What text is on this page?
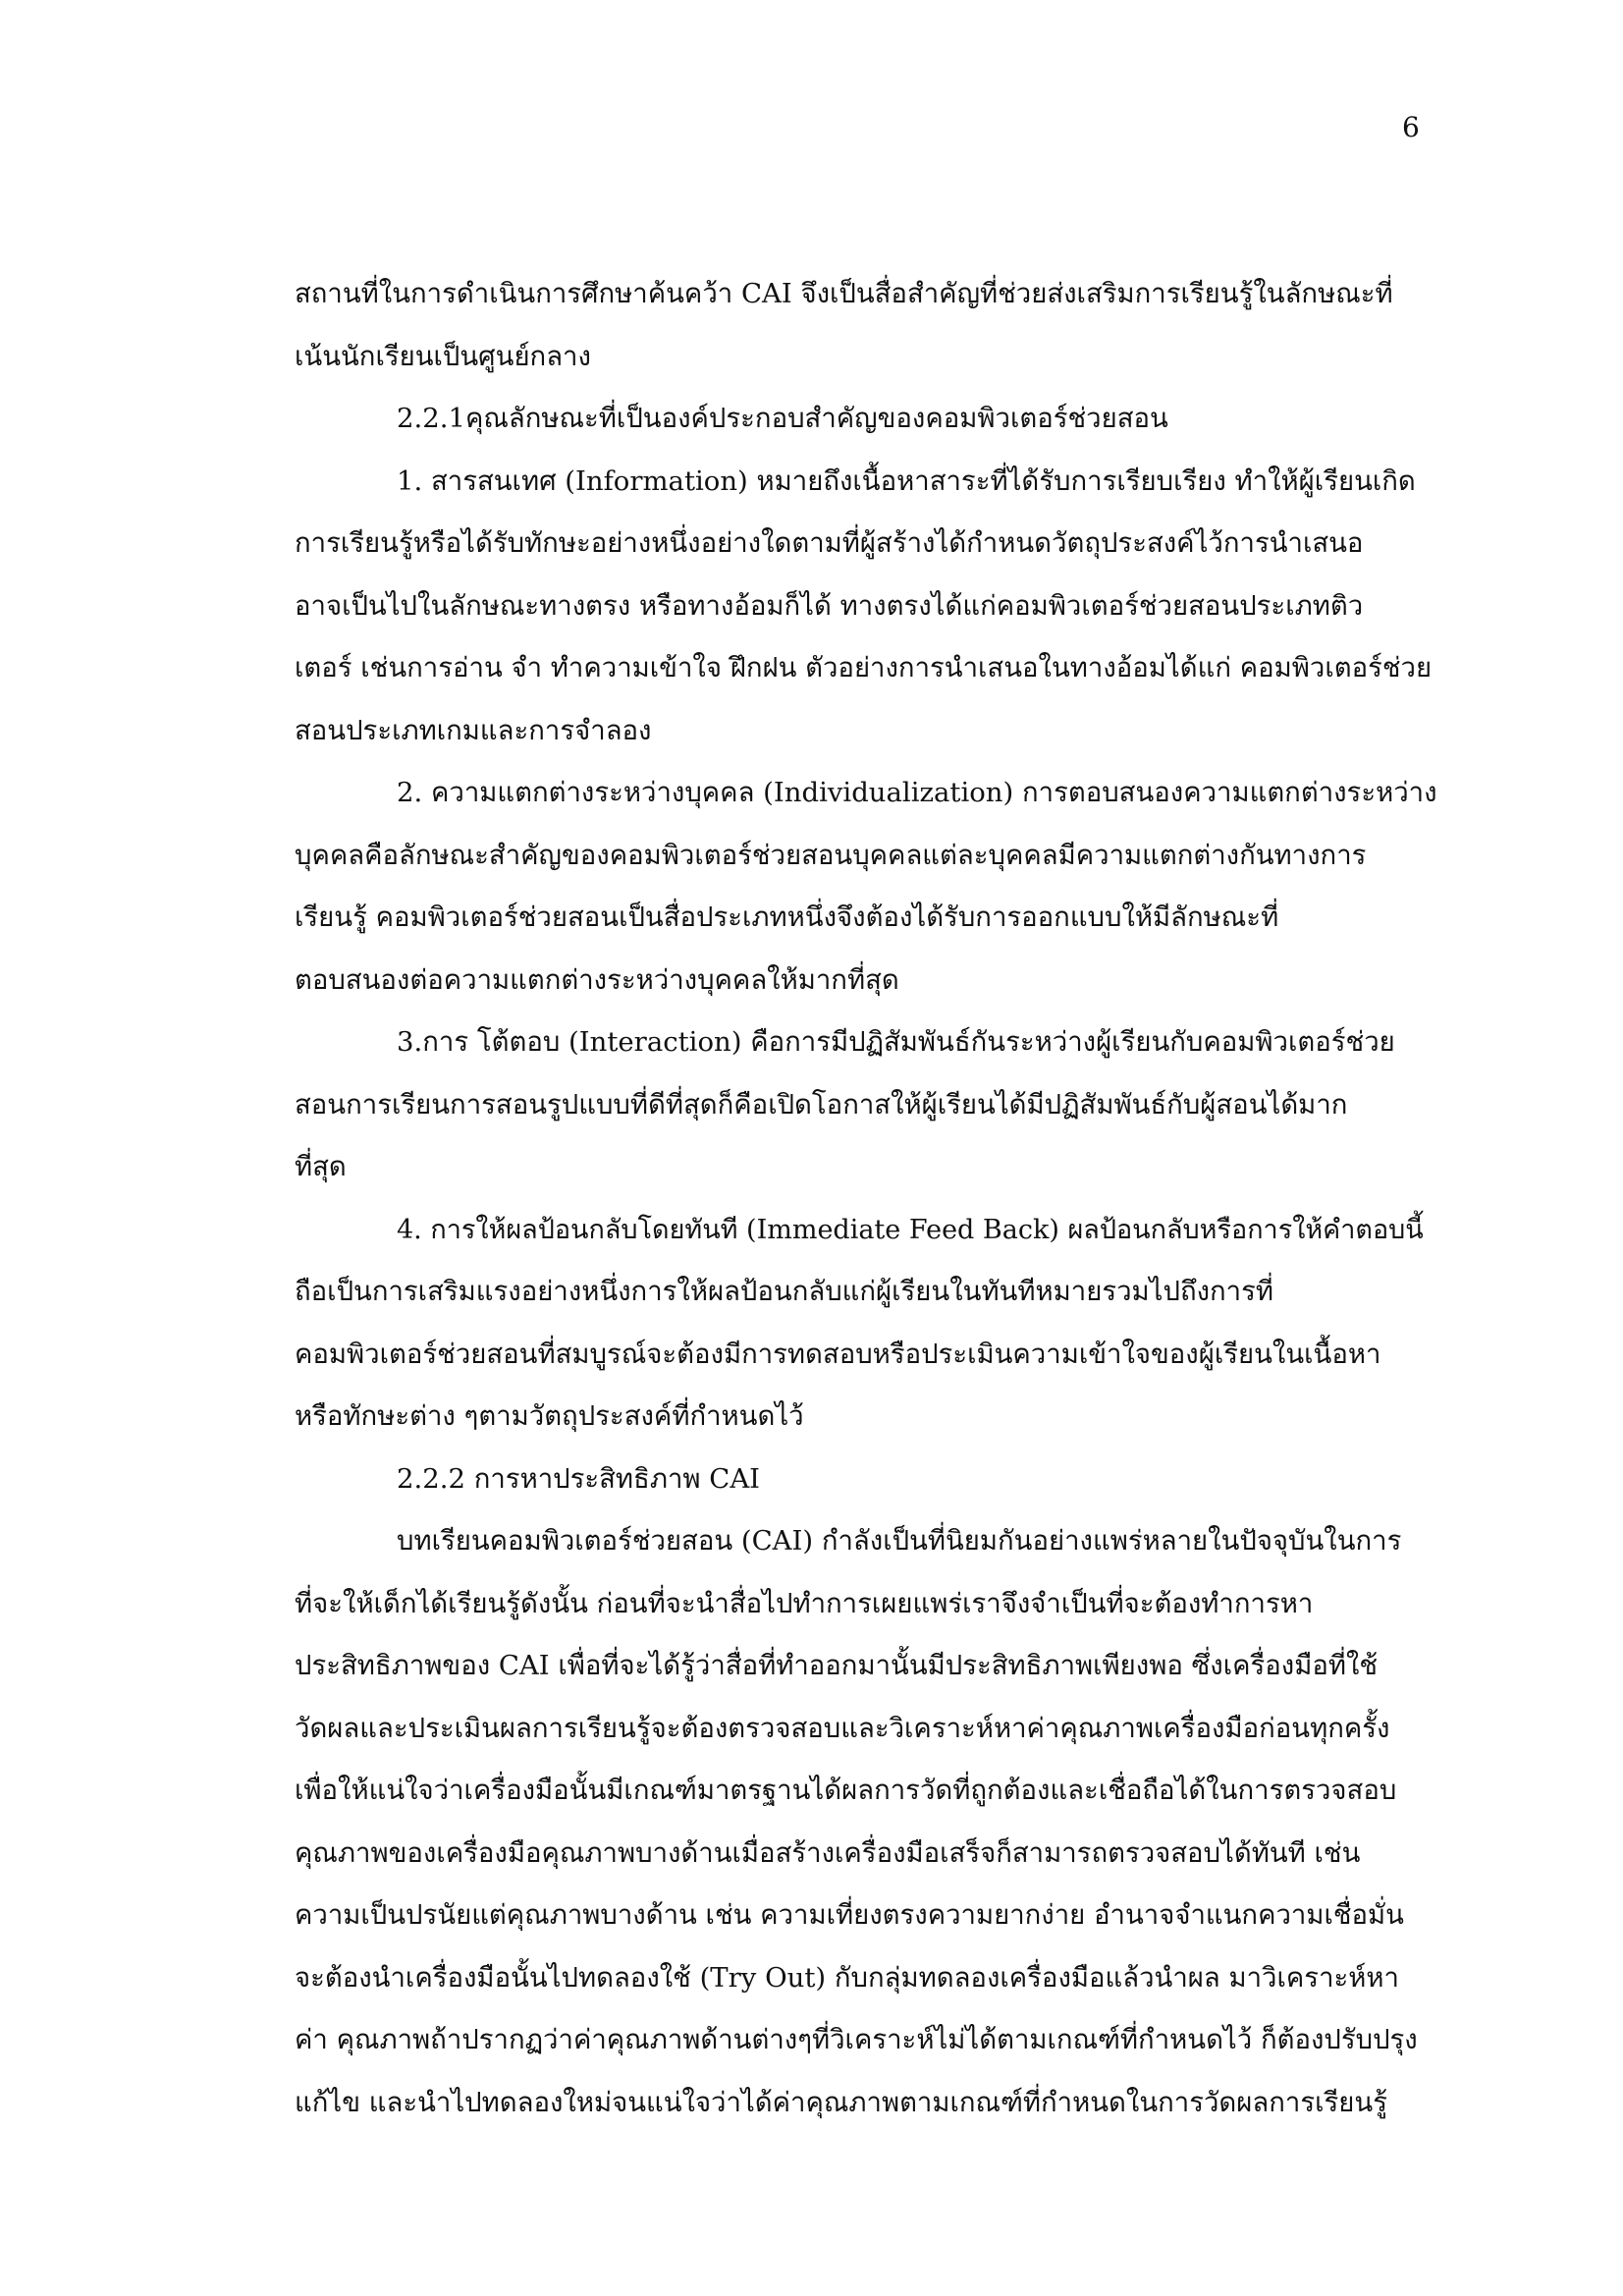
6
สถานที่ในการดำเนินการศึกษาค้นคว้า CAI จึงเป็นสื่อสำคัญที่ช่วยส่งเสริมการเรียนรู้ในลักษณะที่
เน้นนักเรียนเป็นศูนย์กลาง
2.2.1คุณลักษณะที่เป็นองค์ประกอบสำคัญของคอมพิวเตอร์ช่วยสอน
1. สารสนเทศ (Information) หมายถึงเนื้อหาสาระที่ได้รับการเรียบเรียง ทำให้ผู้เรียนเกิด
การเรียนรู้หรือได้รับทักษะอย่างหนึ่งอย่างใดตามที่ผู้สร้างได้กำหนดวัตถุประสงค์ไว้การนำเสนอ
อาจเป็นไปในลักษณะทางตรง หรือทางอ้อมก็ได้ ทางตรงได้แก่คอมพิวเตอร์ช่วยสอนประเภทติว
เตอร์ เช่นการอ่าน จำ ทำความเข้าใจ ฝึกฝน ตัวอย่างการนำเสนอในทางอ้อมได้แก่ คอมพิวเตอร์ช่วย
สอนประเภทเกมและการจำลอง
2. ความแตกต่างระหว่างบุคคล (Individualization) การตอบสนองความแตกต่างระหว่าง
บุคคลคือลักษณะสำคัญของคอมพิวเตอร์ช่วยสอนบุคคลแต่ละบุคคลมีความแตกต่างกันทางการ
เรียนรู้ คอมพิวเตอร์ช่วยสอนเป็นสื่อประเภทหนึ่งจึงต้องได้รับการออกแบบให้มีลักษณะที่
ตอบสนองต่อความแตกต่างระหว่างบุคคลให้มากที่สุด
3.การ โต้ตอบ (Interaction) คือการมีปฏิสัมพันธ์กันระหว่างผู้เรียนกับคอมพิวเตอร์ช่วย
สอนการเรียนการสอนรูปแบบที่ดีที่สุดก็คือเปิดโอกาสให้ผู้เรียนได้มีปฏิสัมพันธ์กับผู้สอนได้มาก
ที่สุด
4. การให้ผลป้อนกลับโดยทันที (Immediate Feed Back) ผลป้อนกลับหรือการให้คำตอบนี้
ถือเป็นการเสริมแรงอย่างหนึ่งการให้ผลป้อนกลับแก่ผู้เรียนในทันทีหมายรวมไปถึงการที่
คอมพิวเตอร์ช่วยสอนที่สมบูรณ์จะต้องมีการทดสอบหรือประเมินความเข้าใจของผู้เรียนในเนื้อหา
หรือทักษะต่าง ๆตามวัตถุประสงค์ที่กำหนดไว้
2.2.2 การหาประสิทธิภาพ CAI
บทเรียนคอมพิวเตอร์ช่วยสอน (CAI) กำลังเป็นที่นิยมกันอย่างแพร่หลายในปัจจุบันในการ
ที่จะให้เด็กได้เรียนรู้ดังนั้น ก่อนที่จะนำสื่อไปทำการเผยแพร่เราจึงจำเป็นที่จะต้องทำการหา
ประสิทธิภาพของ CAI เพื่อที่จะได้รู้ว่าสื่อที่ทำออกมานั้นมีประสิทธิภาพเพียงพอ ซึ่งเครื่องมือที่ใช้
วัดผลและประเมินผลการเรียนรู้จะต้องตรวจสอบและวิเคราะห์หาค่าคุณภาพเครื่องมือก่อนทุกครั้ง
เพื่อให้แน่ใจว่าเครื่องมือนั้นมีเกณฑ์มาตรฐานได้ผลการวัดที่ถูกต้องและเชื่อถือได้ในการตรวจสอบ
คุณภาพของเครื่องมือคุณภาพบางด้านเมื่อสร้างเครื่องมือเสร็จก็สามารถตรวจสอบได้ทันที เช่น
ความเป็นปรนัยแต่คุณภาพบางด้าน เช่น ความเที่ยงตรงความยากง่าย อำนาจจำแนกความเชื่อมั่น
จะต้องนำเครื่องมือนั้นไปทดลองใช้ (Try Out) กับกลุ่มทดลองเครื่องมือแล้วนำผล มาวิเคราะห์หา
ค่า คุณภาพถ้าปรากฏว่าค่าคุณภาพด้านต่างๆที่วิเคราะห์ไม่ได้ตามเกณฑ์ที่กำหนดไว้ ก็ต้องปรับปรุง
แก้ไข และนำไปทดลองใหม่จนแน่ใจว่าได้ค่าคุณภาพตามเกณฑ์ที่กำหนดในการวัดผลการเรียนรู้
